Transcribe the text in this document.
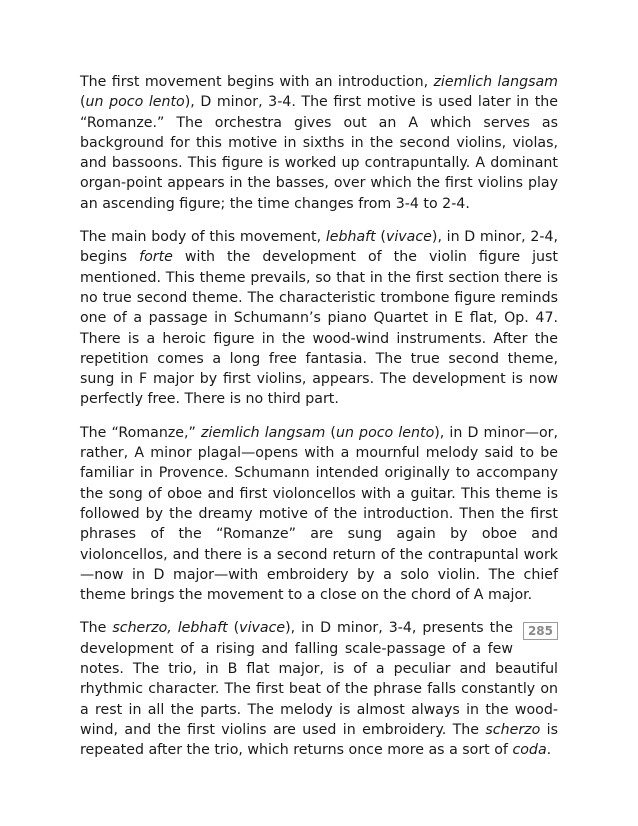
The first movement begins with an introduction, ziemlich langsam (un poco lento), D minor, 3-4. The first motive is used later in the “Romanze.” The orchestra gives out an A which serves as background for this motive in sixths in the second violins, violas, and bassoons. This figure is worked up contrapuntally. A dominant organ-point appears in the basses, over which the first violins play an ascending figure; the time changes from 3-4 to 2-4.

The main body of this movement, lebhaft (vivace), in D minor, 2-4, begins forte with the development of the violin figure just mentioned. This theme prevails, so that in the first section there is no true second theme. The characteristic trombone figure reminds one of a passage in Schumann’s piano Quartet in E flat, Op. 47. There is a heroic figure in the wood-wind instruments. After the repetition comes a long free fantasia. The true second theme, sung in F major by first violins, appears. The development is now perfectly free. There is no third part.

The “Romanze,” ziemlich langsam (un poco lento), in D minor—or, rather, A minor plagal—opens with a mournful melody said to be familiar in Provence. Schumann intended originally to accompany the song of oboe and first violoncellos with a guitar. This theme is followed by the dreamy motive of the introduction. Then the first phrases of the “Romanze” are sung again by oboe and violoncellos, and there is a second return of the contrapuntal work—now in D major—with embroidery by a solo violin. The chief theme brings the movement to a close on the chord of A major.

285
The scherzo, lebhaft (vivace), in D minor, 3-4, presents the development of a rising and falling scale-passage of a few notes. The trio, in B flat major, is of a peculiar and beautiful rhythmic character. The first beat of the phrase falls constantly on a rest in all the parts. The melody is almost always in the wood-wind, and the first violins are used in embroidery. The scherzo is repeated after the trio, which returns once more as a sort of coda.
